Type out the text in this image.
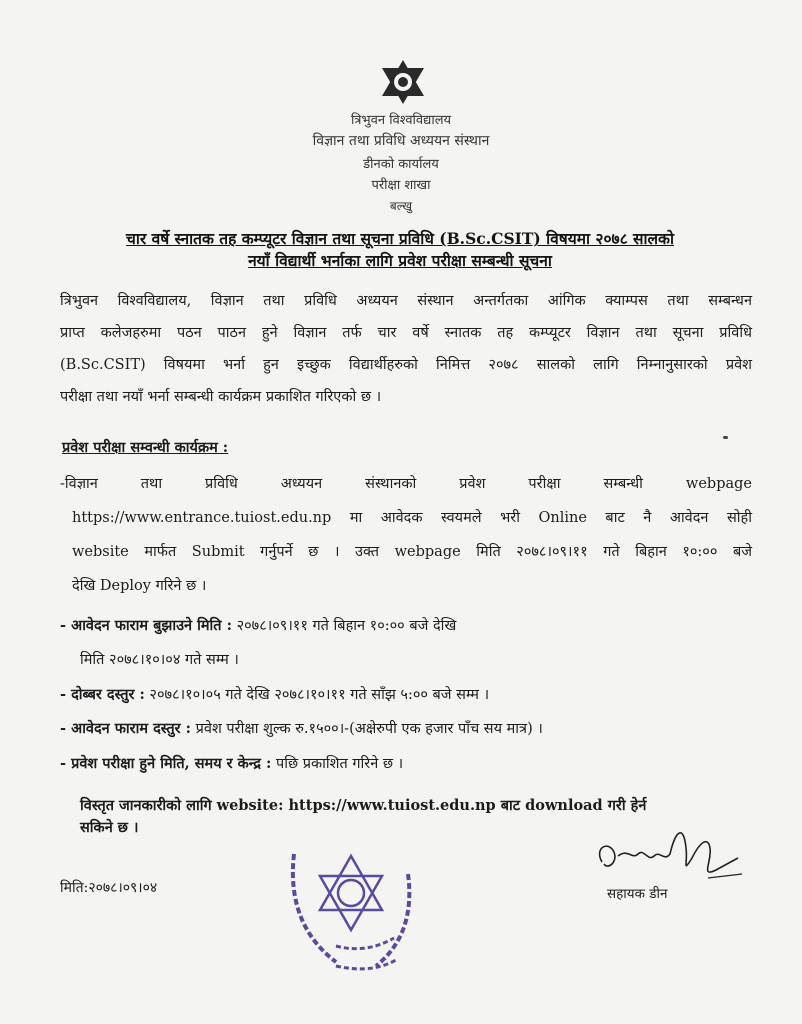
त्रिभुवन विश्वविद्यालय
विज्ञान तथा प्रविधि अध्ययन संस्थान
डीनको कार्यालय
परीक्षा शाखा
बल्खु
चार वर्षे स्नातक तह कम्प्यूटर विज्ञान तथा सूचना प्रविधि (B.Sc.CSIT) विषयमा २०७८ सालको
नयाँ विद्यार्थी भर्नाका लागि प्रवेश परीक्षा सम्बन्धी सूचना
त्रिभुवन विश्वविद्यालय, विज्ञान तथा प्रविधि अध्ययन संस्थान अन्तर्गतका आंगिक क्याम्पस तथा सम्बन्धन
प्राप्त कलेजहरुमा पठन पाठन हुने विज्ञान तर्फ चार वर्षे स्नातक तह कम्प्यूटर विज्ञान तथा सूचना प्रविधि
(B.Sc.CSIT) विषयमा भर्ना हुन इच्छुक विद्यार्थीहरुको निमित्त २०७८ सालको लागि निम्नानुसारको प्रवेश
परीक्षा तथा नयाँ भर्ना सम्बन्धी कार्यक्रम प्रकाशित गरिएको छ ।
प्रवेश परीक्षा सम्वन्धी कार्यक्रम :
-विज्ञान तथा प्रविधि अध्ययन संस्थानको प्रवेश परीक्षा सम्बन्धी webpage
https://www.entrance.tuiost.edu.np मा आवेदक स्वयमले भरी Online बाट नै आवेदन सोही
website मार्फत Submit गर्नुपर्ने छ । उक्त webpage मिति २०७८।०९।११ गते बिहान १०:०० बजे
देखि Deploy गरिने छ ।
- आवेदन फाराम बुझाउने मिति : २०७८।०९।११ गते बिहान १०:०० बजे देखि
मिति २०७८।१०।०४ गते सम्म ।
- दोब्बर दस्तुर : २०७८।१०।०५ गते देखि २०७८।१०।११ गते साँझ ५:०० बजे सम्म ।
- आवेदन फाराम दस्तुर : प्रवेश परीक्षा शुल्क रु.१५००।-(अक्षेरुपी एक हजार पाँच सय मात्र) ।
- प्रवेश परीक्षा हुने मिति, समय र केन्द्र : पछि प्रकाशित गरिने छ ।
विस्तृत जानकारीको लागि website: https://www.tuiost.edu.np बाट download गरी हेर्न
सकिने छ ।
मिति:२०७८।०९।०४	सहायक डीन
